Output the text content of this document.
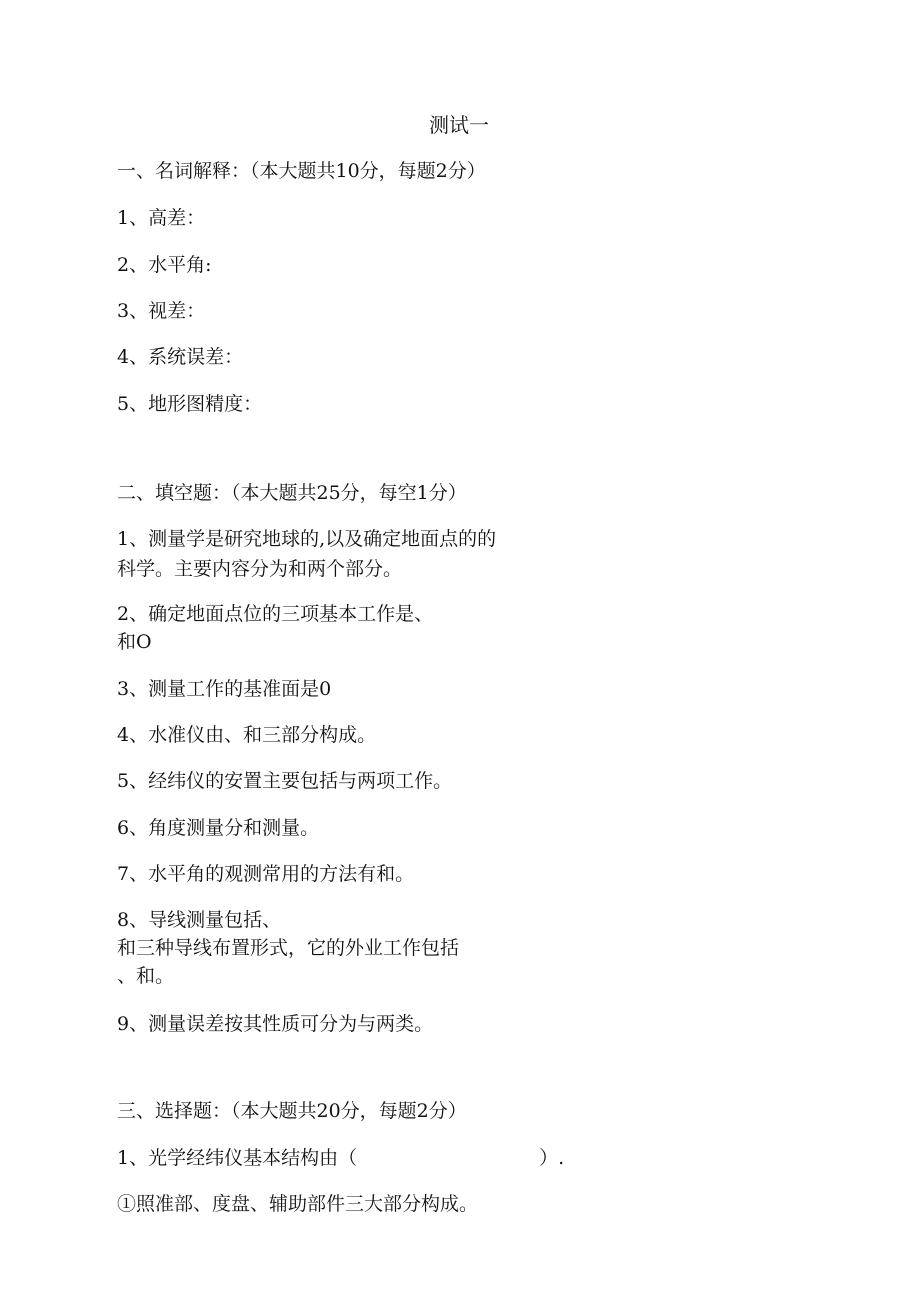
测试一
一、名词解释：（本大题共10分，每题2分）
1、高差：
2、水平角:
3、视差：
4、系统误差：
5、地形图精度：
二、填空题：（本大题共25分，每空1分）
1、测量学是研究地球的,以及确定地面点的的
科学。主要内容分为和两个部分。
2、确定地面点位的三项基本工作是、
和O
3、测量工作的基准面是0
4、水准仪由、和三部分构成。
5、经纬仪的安置主要包括与两项工作。
6、角度测量分和测量。
7、水平角的观测常用的方法有和。
8、导线测量包括、
和三种导线布置形式，它的外业工作包括
、和。
9、测量误差按其性质可分为与两类。
三、选择题：（本大题共20分，每题2分）
1、光学经纬仪基本结构由（	）.
①照准部、度盘、辅助部件三大部分构成。
